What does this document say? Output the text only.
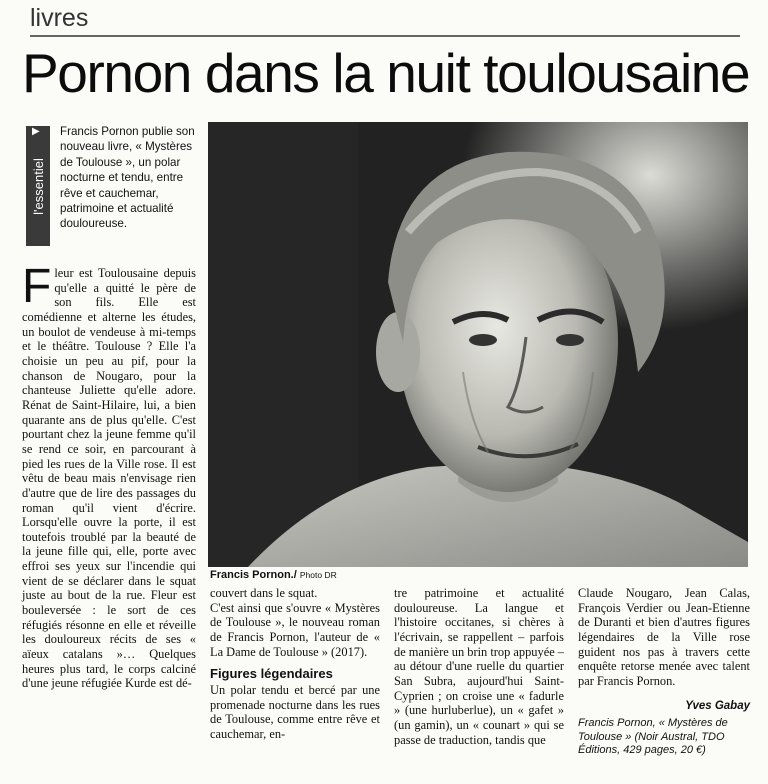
livres
Pornon dans la nuit toulousaine
l'essentiel
▶ Francis Pornon publie son nouveau livre, « Mystères de Toulouse », un polar nocturne et tendu, entre rêve et cauchemar, patrimoine et actualité douloureuse.
Francis Pornon./ Photo DR
Fleur est Toulousaine depuis qu'elle a quitté le père de son fils. Elle est comédienne et alterne les études, un boulot de vendeuse à mi-temps et le théâtre. Toulouse ? Elle l'a choisie un peu au pif, pour la chanson de Nougaro, pour la chanteuse Juliette qu'elle adore. Rénat de Saint-Hilaire, lui, a bien quarante ans de plus qu'elle. C'est pourtant chez la jeune femme qu'il se rend ce soir, en parcourant à pied les rues de la Ville rose. Il est vêtu de beau mais n'envisage rien d'autre que de lire des passages du roman qu'il vient d'écrire. Lorsqu'elle ouvre la porte, il est toutefois troublé par la beauté de la jeune fille qui, elle, porte avec effroi ses yeux sur l'incendie qui vient de se déclarer dans le squat juste au bout de la rue. Fleur est bouleversée : le sort de ces réfugiés résonne en elle et réveille les douloureux récits de ses « aïeux catalans »… Quelques heures plus tard, le corps calciné d'une jeune réfugiée Kurde est dé-

couvert dans le squat.

C'est ainsi que s'ouvre « Mystères de Toulouse », le nouveau roman de Francis Pornon, l'auteur de « La Dame de Toulouse » (2017).

Figures légendaires

Un polar tendu et bercé par une promenade nocturne dans les rues de Toulouse, comme entre rêve et cauchemar, en-

tre patrimoine et actualité douloureuse. La langue et l'histoire occitanes, si chères à l'écrivain, se rappellent – parfois de manière un brin trop appuyée – au détour d'une ruelle du quartier San Subra, aujourd'hui Saint-Cyprien ; on croise une « fadurle » (une hurluberlue), un « gafet » (un gamin), un « counart » qui se passe de traduction, tandis que

Claude Nougaro, Jean Calas, François Verdier ou Jean-Etienne de Duranti et bien d'autres figures légendaires de la Ville rose guident nos pas à travers cette enquête retorse menée avec talent par Francis Pornon.

Yves Gabay
Francis Pornon, « Mystères de Toulouse » (Noir Austral, TDO Éditions, 429 pages, 20 €)
